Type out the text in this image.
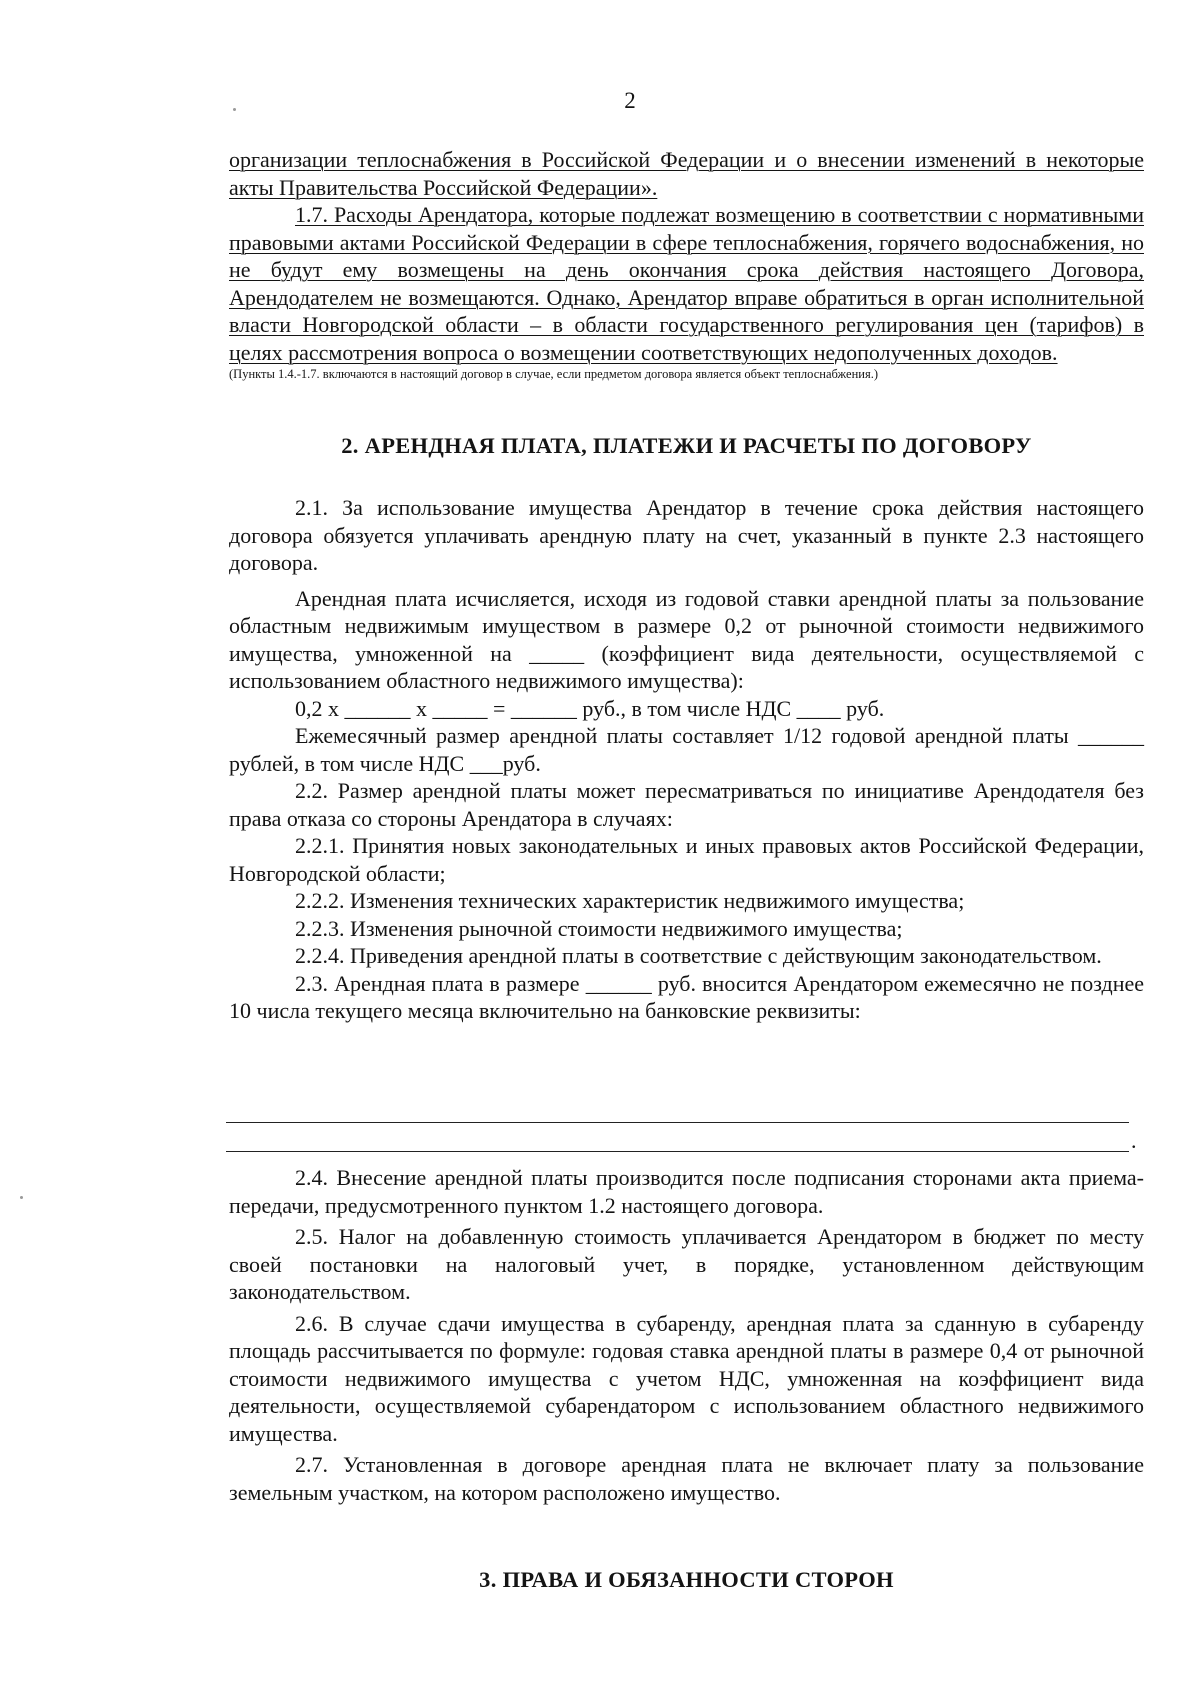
2

организации теплоснабжения в Российской Федерации и о внесении изменений в некоторые акты Правительства Российской Федерации».

1.7. Расходы Арендатора, которые подлежат возмещению в соответствии с нормативными правовыми актами Российской Федерации в сфере теплоснабжения, горячего водоснабжения, но не будут ему возмещены на день окончания срока действия настоящего Договора, Арендодателем не возмещаются. Однако, Арендатор вправе обратиться в орган исполнительной власти Новгородской области – в области государственного регулирования цен (тарифов) в целях рассмотрения вопроса о возмещении соответствующих недополученных доходов.

(Пункты 1.4.-1.7. включаются в настоящий договор в случае, если предметом договора является объект теплоснабжения.)

2. АРЕНДНАЯ ПЛАТА, ПЛАТЕЖИ И РАСЧЕТЫ ПО ДОГОВОРУ

2.1. За использование имущества Арендатор в течение срока действия настоящего договора обязуется уплачивать арендную плату на счет, указанный в пункте 2.3 настоящего договора.

Арендная плата исчисляется, исходя из годовой ставки арендной платы за пользование областным недвижимым имуществом в размере 0,2 от рыночной стоимости недвижимого имущества, умноженной на _____ (коэффициент вида деятельности, осуществляемой с использованием областного недвижимого имущества):

0,2 х ______ х _____ = ______ руб., в том числе НДС ____ руб.

Ежемесячный размер арендной платы составляет 1/12 годовой арендной платы ______ рублей, в том числе НДС ___руб.

2.2. Размер арендной платы может пересматриваться по инициативе Арендодателя без права отказа со стороны Арендатора в случаях:

2.2.1. Принятия новых законодательных и иных правовых актов Российской Федерации, Новгородской области;

2.2.2. Изменения технических характеристик недвижимого имущества;

2.2.3. Изменения рыночной стоимости недвижимого имущества;

2.2.4. Приведения арендной платы в соответствие с действующим законодательством.

2.3. Арендная плата в размере ______ руб. вносится Арендатором ежемесячно не позднее 10 числа текущего месяца включительно на банковские реквизиты:

.

2.4. Внесение арендной платы производится после подписания сторонами акта приема-передачи, предусмотренного пунктом 1.2 настоящего договора.

2.5. Налог на добавленную стоимость уплачивается Арендатором в бюджет по месту своей постановки на налоговый учет, в порядке, установленном действующим законодательством.

2.6. В случае сдачи имущества в субаренду, арендная плата за сданную в субаренду площадь рассчитывается по формуле: годовая ставка арендной платы в размере 0,4 от рыночной стоимости недвижимого имущества с учетом НДС, умноженная на коэффициент вида деятельности, осуществляемой субарендатором с использованием областного недвижимого имущества.

2.7. Установленная в договоре арендная плата не включает плату за пользование земельным участком, на котором расположено имущество.

3. ПРАВА И ОБЯЗАННОСТИ СТОРОН
